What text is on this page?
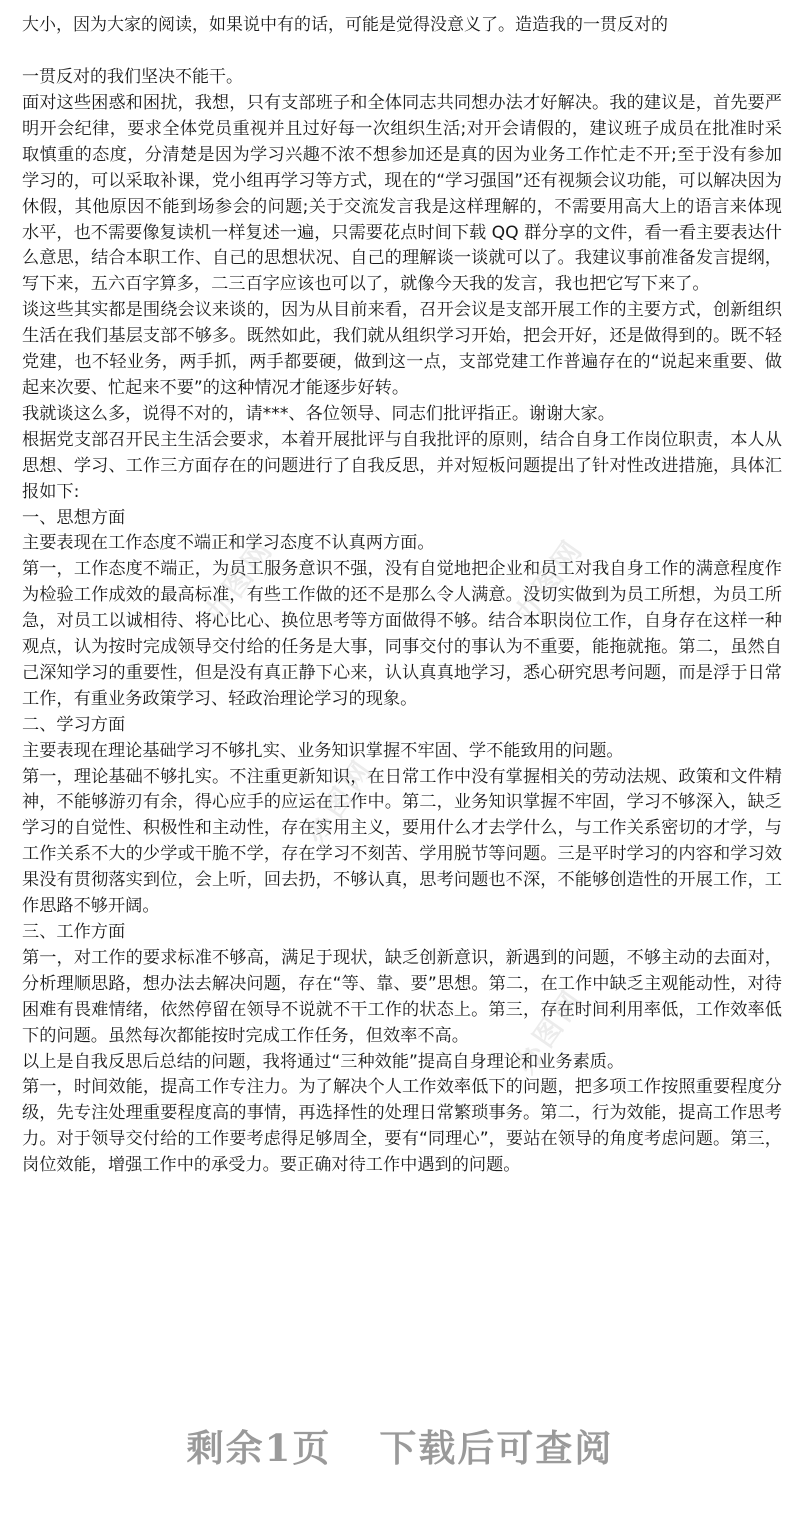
办图网	办图网
办图网
办图网

大小，因为大家的阅读，如果说中有的话，可能是觉得没意义了。造造我的一贯反对的

一贯反对的我们坚决不能干。

面对这些困惑和困扰，我想，只有支部班子和全体同志共同想办法才好解决。我的建议是，首先要严明开会纪律，要求全体党员重视并且过好每一次组织生活;对开会请假的，建议班子成员在批准时采取慎重的态度，分清楚是因为学习兴趣不浓不想参加还是真的因为业务工作忙走不开;至于没有参加学习的，可以采取补课，党小组再学习等方式，现在的“学习强国”还有视频会议功能，可以解决因为休假，其他原因不能到场参会的问题;关于交流发言我是这样理解的，不需要用高大上的语言来体现水平，也不需要像复读机一样复述一遍，只需要花点时间下载 QQ 群分享的文件，看一看主要表达什么意思，结合本职工作、自己的思想状况、自己的理解谈一谈就可以了。我建议事前准备发言提纲，写下来，五六百字算多，二三百字应该也可以了，就像今天我的发言，我也把它写下来了。

谈这些其实都是围绕会议来谈的，因为从目前来看，召开会议是支部开展工作的主要方式，创新组织生活在我们基层支部不够多。既然如此，我们就从组织学习开始，把会开好，还是做得到的。既不轻党建，也不轻业务，两手抓，两手都要硬，做到这一点，支部党建工作普遍存在的“说起来重要、做起来次要、忙起来不要”的这种情况才能逐步好转。

我就谈这么多，说得不对的，请***、各位领导、同志们批评指正。谢谢大家。

根据党支部召开民主生活会要求，本着开展批评与自我批评的原则，结合自身工作岗位职责，本人从思想、学习、工作三方面存在的问题进行了自我反思，并对短板问题提出了针对性改进措施，具体汇报如下:

一、思想方面

主要表现在工作态度不端正和学习态度不认真两方面。

第一，工作态度不端正，为员工服务意识不强，没有自觉地把企业和员工对我自身工作的满意程度作为检验工作成效的最高标准，有些工作做的还不是那么令人满意。没切实做到为员工所想，为员工所急，对员工以诚相待、将心比心、换位思考等方面做得不够。结合本职岗位工作，自身存在这样一种观点，认为按时完成领导交付给的任务是大事，同事交付的事认为不重要，能拖就拖。第二，虽然自己深知学习的重要性，但是没有真正静下心来，认认真真地学习，悉心研究思考问题，而是浮于日常工作，有重业务政策学习、轻政治理论学习的现象。

二、学习方面

主要表现在理论基础学习不够扎实、业务知识掌握不牢固、学不能致用的问题。

第一，理论基础不够扎实。不注重更新知识，在日常工作中没有掌握相关的劳动法规、政策和文件精神，不能够游刃有余，得心应手的应运在工作中。第二，业务知识掌握不牢固，学习不够深入，缺乏学习的自觉性、积极性和主动性，存在实用主义，要用什么才去学什么，与工作关系密切的才学，与工作关系不大的少学或干脆不学，存在学习不刻苦、学用脱节等问题。三是平时学习的内容和学习效果没有贯彻落实到位，会上听，回去扔，不够认真，思考问题也不深，不能够创造性的开展工作，工作思路不够开阔。

三、工作方面

第一，对工作的要求标准不够高，满足于现状，缺乏创新意识，新遇到的问题，不够主动的去面对，分析理顺思路，想办法去解决问题，存在“等、靠、要”思想。第二，在工作中缺乏主观能动性，对待困难有畏难情绪，依然停留在领导不说就不干工作的状态上。第三，存在时间利用率低，工作效率低下的问题。虽然每次都能按时完成工作任务，但效率不高。

以上是自我反思后总结的问题，我将通过“三种效能”提高自身理论和业务素质。

第一，时间效能，提高工作专注力。为了解决个人工作效率低下的问题，把多项工作按照重要程度分级，先专注处理重要程度高的事情，再选择性的处理日常繁琐事务。第二，行为效能，提高工作思考力。对于领导交付给的工作要考虑得足够周全，要有“同理心”，要站在领导的角度考虑问题。第三，岗位效能，增强工作中的承受力。要正确对待工作中遇到的问题。

剩余1页 下载后可查阅
